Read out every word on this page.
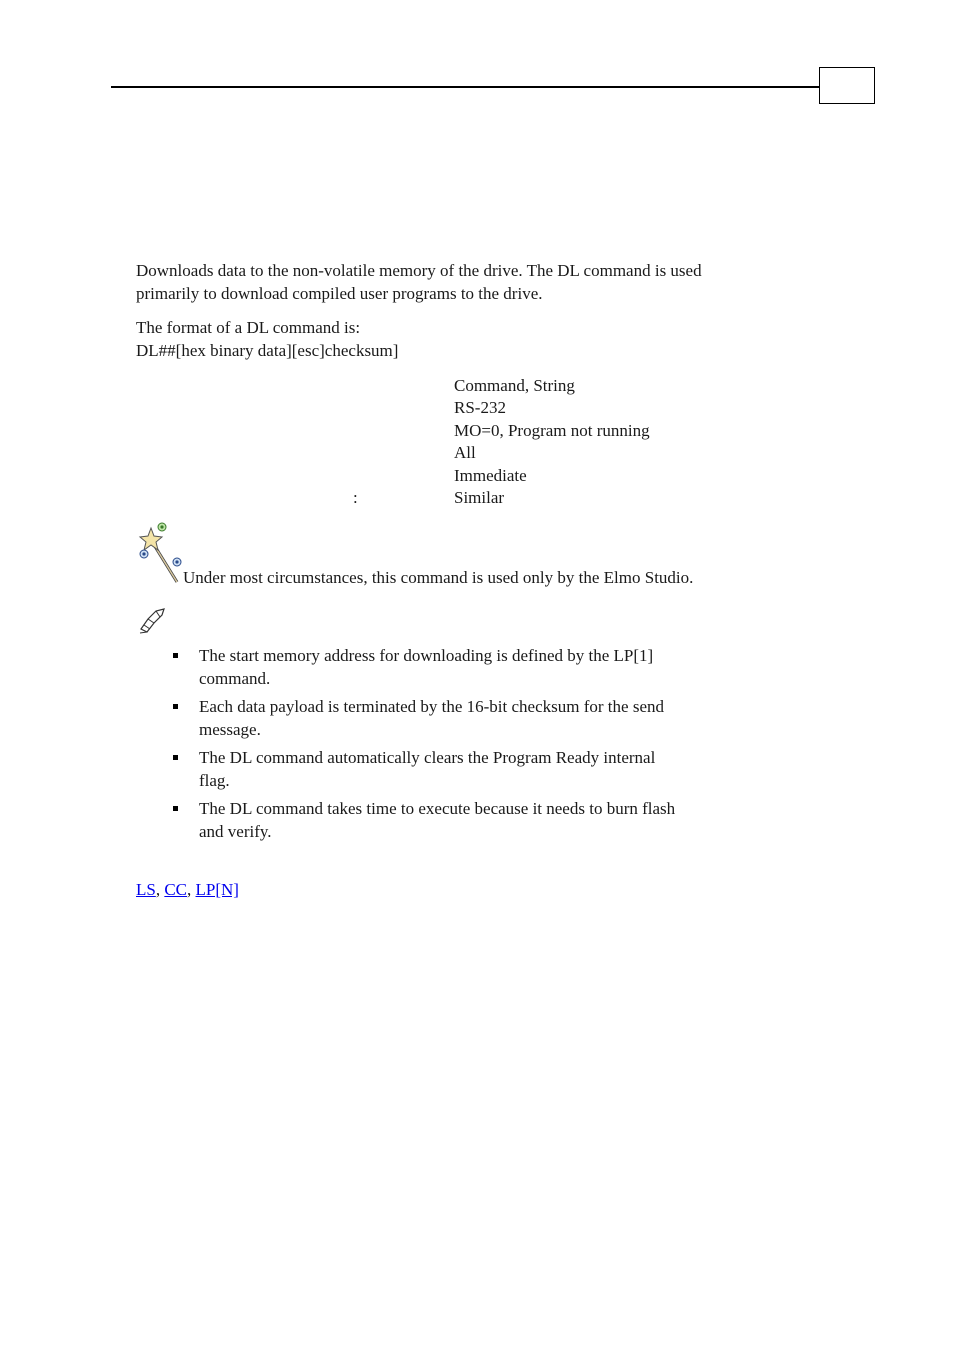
Downloads data to the non-volatile memory of the drive. The DL command is used
primarily to download compiled user programs to the drive.

The format of a DL command is:
DL##[hex binary data][esc]checksum]

Command, String
RS-232
MO=0, Program not running
All
Immediate
:	Similar
Under most circumstances, this command is used only by the Elmo Studio.
The start memory address for downloading is defined by the LP[1]
command.
Each data payload is terminated by the 16-bit checksum for the send
message.
The DL command automatically clears the Program Ready internal
flag.
The DL command takes time to execute because it needs to burn flash
and verify.
LS, CC, LP[N]
